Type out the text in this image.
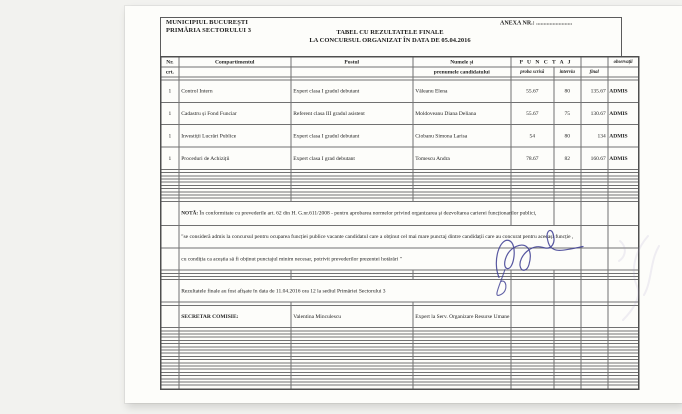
MUNICIPIUL BUCUREȘTI
PRIMĂRIA SECTORULUI 3
ANEXA NR.: ........................
TABEL CU REZULTATELE FINALE
LA CONCURSUL ORGANIZAT ÎN DATA DE 05.04.2016
Nr.	Compartimentul	Postul	Numele și	P U N C T A J			observații
crt.			prenumele candidatului	proba scrisă	interviu	final	

1	Control Intern	Expert clasa I gradul debutant	Văleanu Elena	55.67	80	135.67	ADMIS
1	Cadastru și Fond Funciar	Referent clasa III gradul asistent	Moldoveanu Diana Deliana	55.67	75	130.67	ADMIS
1	Investiții Lucrări Publice	Expert clasa I gradul debutant	Ciobanu Simona Larisa	54	80	134	ADMIS
1	Proceduri de Achiziții	Expert clasa I grad debutant	Tomescu Andra	78.67	82	160.67	ADMIS

	NOTĂ: În conformitate cu prevederile art. 62 din H. G.nr.611/2008 - pentru aprobarea normelor privind organizarea și dezvoltarea carierei funcționarilor publici,						
	"se consideră admis la concursul pentru ocuparea funcției publice vacante candidatul care a obținut cel mai mare punctaj dintre candidații care au concurat pentru aceeași funcție ,						
	cu condiția ca aceștia să fi obținut punctajul minim necesar, potrivit prevederilor prezentei hotărâri "						

	Rezultatele finale au fost afișate în data de 11.04.2016 ora 12 la sediul Primăriei Sectorului 3						

	SECRETAR COMISIE:	Valentina Minculescu	Expert la Serv. Organizare Resurse Umane				
